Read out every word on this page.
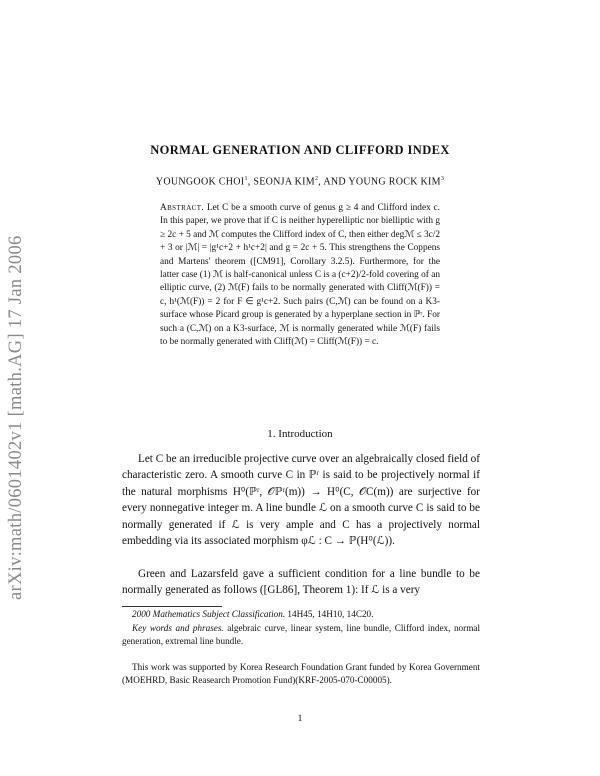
arXiv:math/0601402v1 [math.AG] 17 Jan 2006
NORMAL GENERATION AND CLIFFORD INDEX
YOUNGOOK CHOI$^1$, SEONJA KIM$^2$, AND YOUNG ROCK KIM$^3$
Abstract. Let C be a smooth curve of genus g ≥ 4 and Clifford index c. In this paper, we prove that if C is neither hyperelliptic nor bielliptic with g ≥ 2c + 5 and ℳ computes the Clifford index of C, then either degℳ ≤ 3c/2 + 3 or |ℳ| = |g¹c+2 + h¹c+2| and g = 2c + 5. This strengthens the Coppens and Martens' theorem ([CM91], Corollary 3.2.5). Furthermore, for the latter case (1) ℳ is half-canonical unless C is a (c+2)/2-fold covering of an elliptic curve, (2) ℳ(F) fails to be normally generated with Cliff(ℳ(F)) = c, h¹(ℳ(F)) = 2 for F ∈ g¹c+2. Such pairs (C,ℳ) can be found on a K3-surface whose Picard group is generated by a hyperplane section in ℙʳ. For such a (C,ℳ) on a K3-surface, ℳ is normally generated while ℳ(F) fails to be normally generated with Cliff(ℳ) = Cliff(ℳ(F)) = c.
1. Introduction
Let C be an irreducible projective curve over an algebraically closed field of characteristic zero. A smooth curve C in ℙʳ is said to be projectively normal if the natural morphisms H⁰(ℙʳ, 𝒪ℙʳ(m)) → H⁰(C, 𝒪C(m)) are surjective for every nonnegative integer m. A line bundle ℒ on a smooth curve C is said to be normally generated if ℒ is very ample and C has a projectively normal embedding via its associated morphism φℒ : C → ℙ(H⁰(ℒ)).
Green and Lazarsfeld gave a sufficient condition for a line bundle to be normally generated as follows ([GL86], Theorem 1): If ℒ is a very
2000 Mathematics Subject Classification. 14H45, 14H10, 14C20.
Key words and phrases. algebraic curve, linear system, line bundle, Clifford index, normal generation, extremal line bundle.
This work was supported by Korea Research Foundation Grant funded by Korea Government (MOEHRD, Basic Reasearch Promotion Fund)(KRF-2005-070-C00005).
1
